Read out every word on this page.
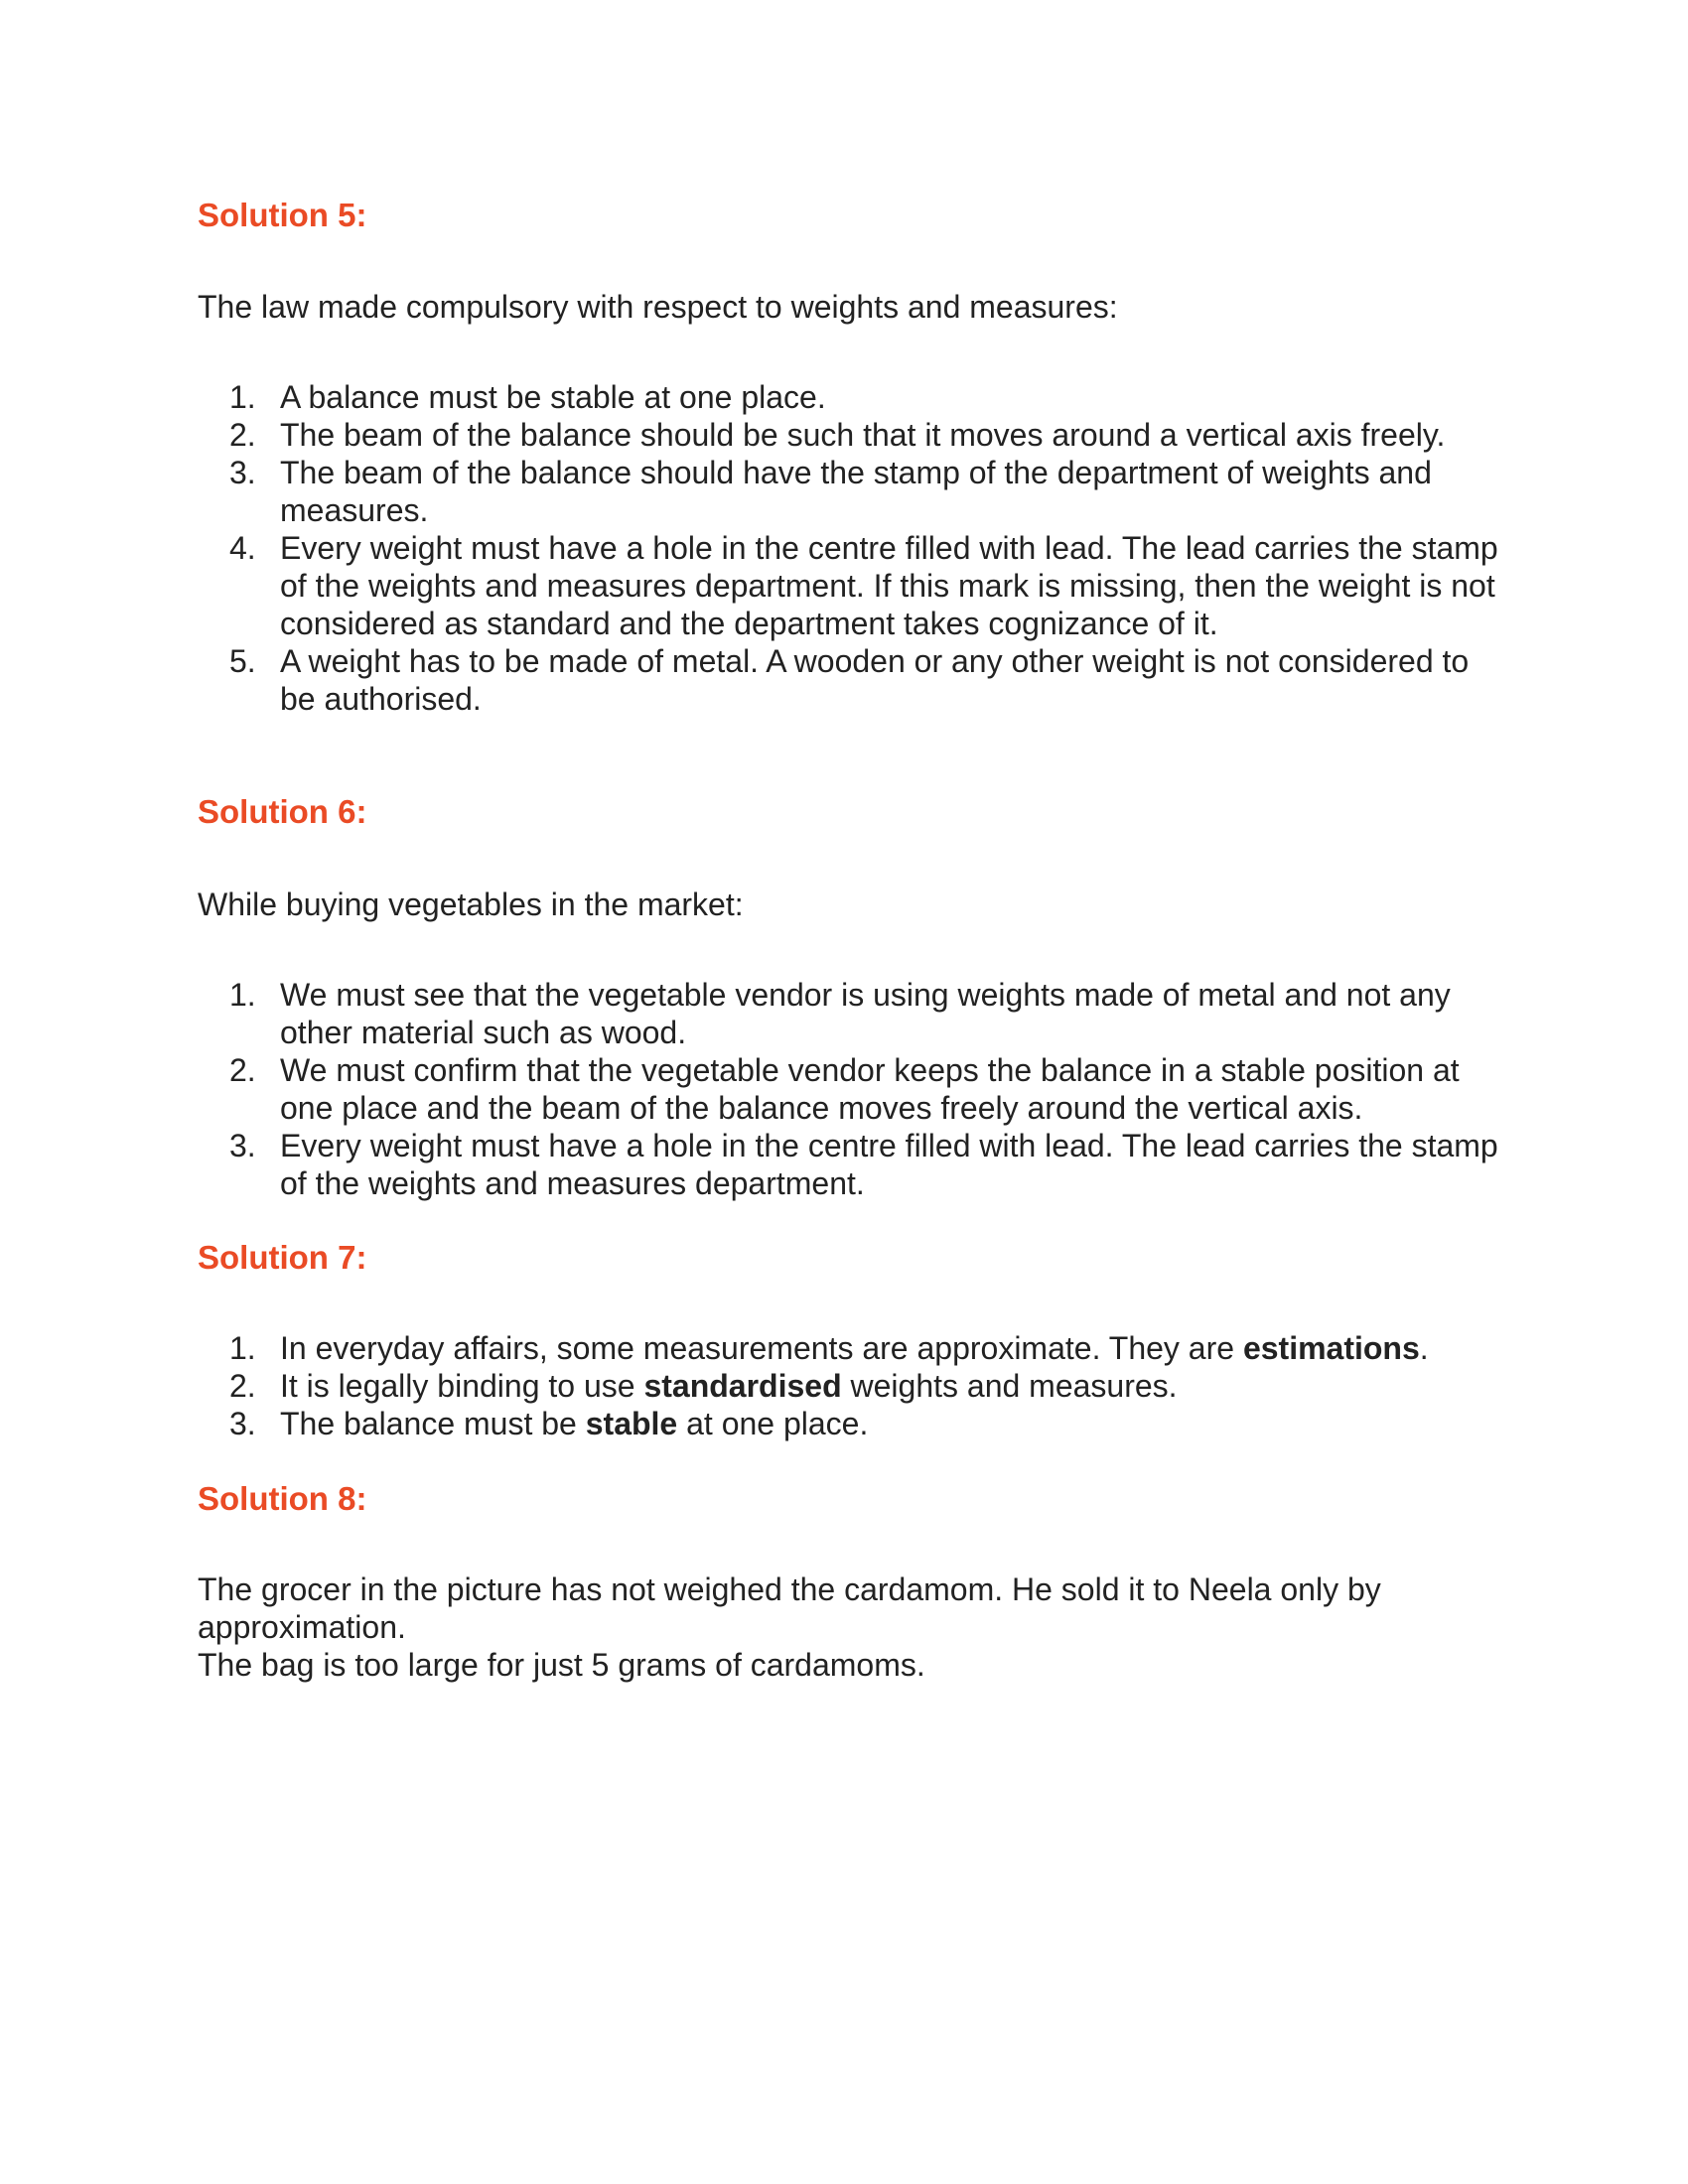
Solution 5:

The law made compulsory with respect to weights and measures:

1. A balance must be stable at one place.
2. The beam of the balance should be such that it moves around a vertical axis freely.
3. The beam of the balance should have the stamp of the department of weights and measures.
4. Every weight must have a hole in the centre filled with lead. The lead carries the stamp of the weights and measures department. If this mark is missing, then the weight is not considered as standard and the department takes cognizance of it.
5. A weight has to be made of metal. A wooden or any other weight is not considered to be authorised.
Solution 6:

While buying vegetables in the market:

1. We must see that the vegetable vendor is using weights made of metal and not any other material such as wood.
2. We must confirm that the vegetable vendor keeps the balance in a stable position at one place and the beam of the balance moves freely around the vertical axis.
3. Every weight must have a hole in the centre filled with lead. The lead carries the stamp of the weights and measures department.
Solution 7:
1. In everyday affairs, some measurements are approximate. They are estimations.
2. It is legally binding to use standardised weights and measures.
3. The balance must be stable at one place.
Solution 8:

The grocer in the picture has not weighed the cardamom. He sold it to Neela only by approximation.

The bag is too large for just 5 grams of cardamoms.
